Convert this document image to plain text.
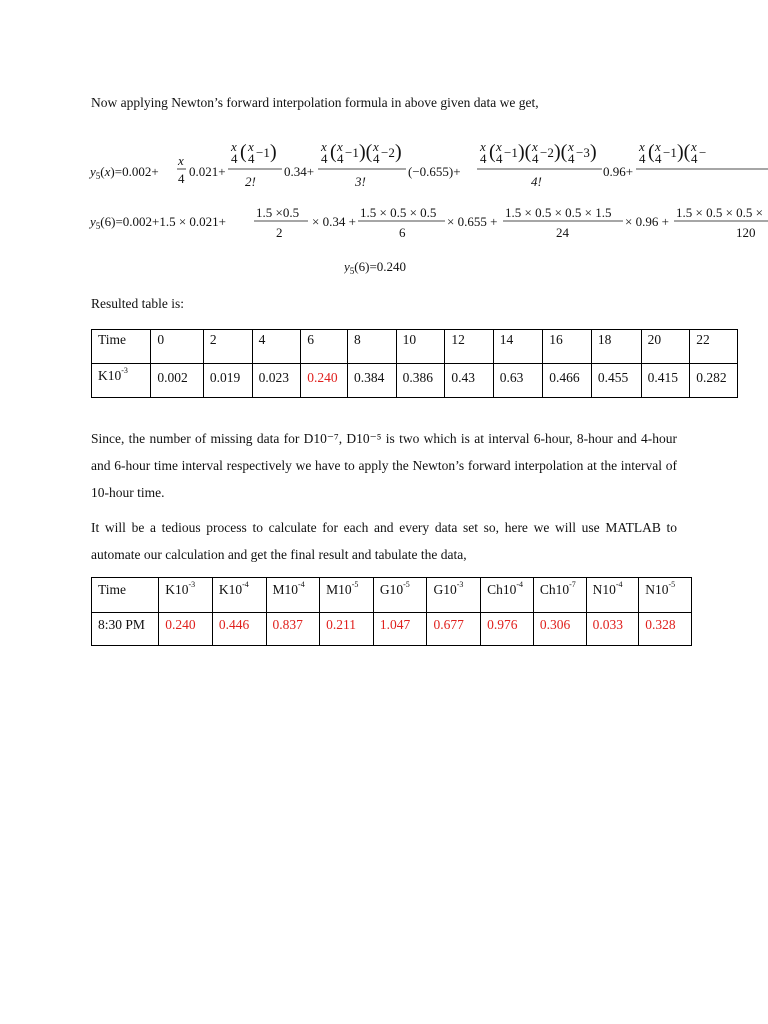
Now applying Newton’s forward interpolation formula in above given data we get,

$y_5(x)=0.002+$
x
4 0.021+
x
4 ( x
4 −1 )
2!
0.34+
x
4 ( x
4 −1 )( x
4 −2 )
3!
(−0.655)+
x
4 ( x
4 −1 )( x
4 −2 )( x
4 −3 )
4!
0.96+
x
4 ( x
4 −1 )( x
4 −
$y_5(6)=0.002+1.5 \times 0.021+$
1.5 ×0.5
2
× 0.34 +
1.5 × 0.5 × 0.5
6
× 0.655 +
1.5 × 0.5 × 0.5 × 1.5
24
× 0.96 +
1.5 × 0.5 × 0.5 ×
120
$y_5(6)=0.240$

Resulted table is:

Time	0	2	4	6	8	10	12	14	16	18	20	22
$K10^{-3}$	0.002	0.019	0.023	0.240	0.384	0.386	0.43	0.63	0.466	0.455	0.415	0.282

Since, the number of missing data for D10⁻⁷, D10⁻⁵ is two which is at interval 6-hour, 8-hour and 4-hour and 6-hour time interval respectively we have to apply the Newton’s forward interpolation at the interval of 10-hour time.

It will be a tedious process to calculate for each and every data set so, here we will use MATLAB to automate our calculation and get the final result and tabulate the data,

Time	$K10^{-3}$	$K10^{-4}$	$M10^{-4}$	$M10^{-5}$	$G10^{-5}$	$G10^{-3}$	$Ch10^{-4}$	$Ch10^{-7}$	$N10^{-4}$	$N10^{-5}$
8:30 PM	0.240	0.446	0.837	0.211	1.047	0.677	0.976	0.306	0.033	0.328
